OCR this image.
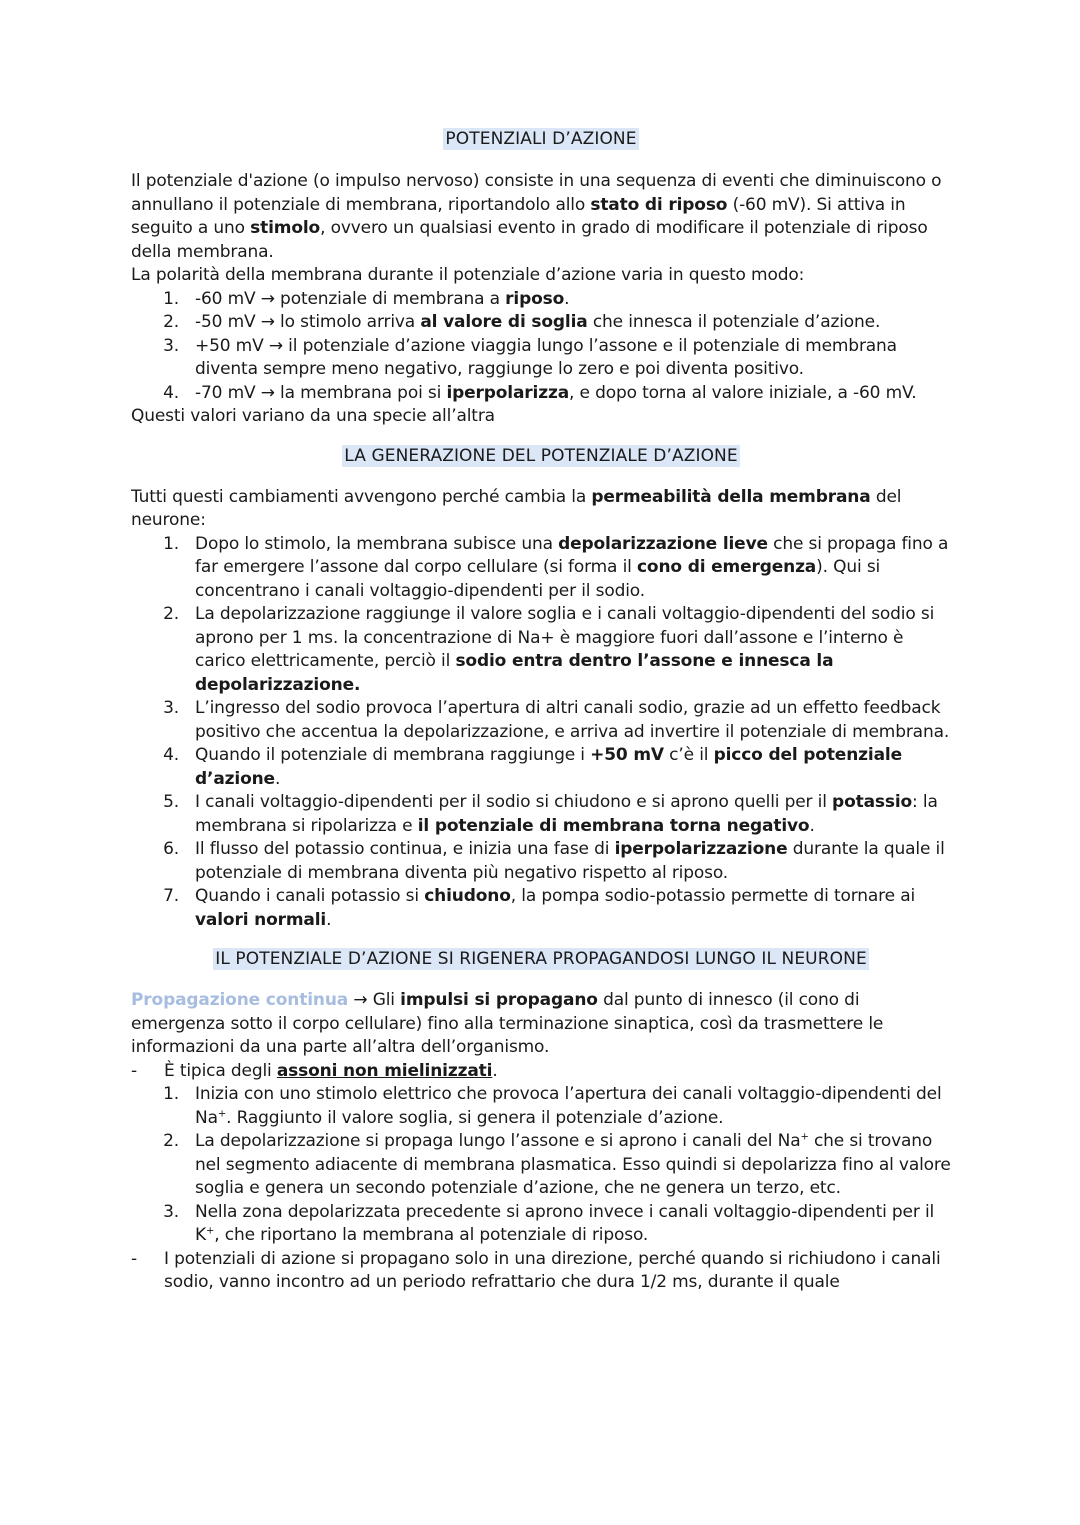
POTENZIALI D’AZIONE

Il potenziale d'azione (o impulso nervoso) consiste in una sequenza di eventi che diminuiscono o annullano il potenziale di membrana, riportandolo allo stato di riposo (-60 mV). Si attiva in seguito a uno stimolo, ovvero un qualsiasi evento in grado di modificare il potenziale di riposo della membrana.

La polarità della membrana durante il potenziale d’azione varia in questo modo:

1. -60 mV → potenziale di membrana a riposo.
2. -50 mV → lo stimolo arriva al valore di soglia che innesca il potenziale d’azione.
3. +50 mV → il potenziale d’azione viaggia lungo l’assone e il potenziale di membrana diventa sempre meno negativo, raggiunge lo zero e poi diventa positivo.
4. -70 mV → la membrana poi si iperpolarizza, e dopo torna al valore iniziale, a -60 mV.

Questi valori variano da una specie all’altra

LA GENERAZIONE DEL POTENZIALE D’AZIONE

Tutti questi cambiamenti avvengono perché cambia la permeabilità della membrana del neurone:

1. Dopo lo stimolo, la membrana subisce una depolarizzazione lieve che si propaga fino a far emergere l’assone dal corpo cellulare (si forma il cono di emergenza). Qui si concentrano i canali voltaggio-dipendenti per il sodio.
2. La depolarizzazione raggiunge il valore soglia e i canali voltaggio-dipendenti del sodio si aprono per 1 ms. la concentrazione di Na+ è maggiore fuori dall’assone e l’interno è carico elettricamente, perciò il sodio entra dentro l’assone e innesca la depolarizzazione.
3. L’ingresso del sodio provoca l’apertura di altri canali sodio, grazie ad un effetto feedback positivo che accentua la depolarizzazione, e arriva ad invertire il potenziale di membrana.
4. Quando il potenziale di membrana raggiunge i +50 mV c’è il picco del potenziale d’azione.
5. I canali voltaggio-dipendenti per il sodio si chiudono e si aprono quelli per il potassio: la membrana si ripolarizza e il potenziale di membrana torna negativo.
6. Il flusso del potassio continua, e inizia una fase di iperpolarizzazione durante la quale il potenziale di membrana diventa più negativo rispetto al riposo.
7. Quando i canali potassio si chiudono, la pompa sodio-potassio permette di tornare ai valori normali.
IL POTENZIALE D’AZIONE SI RIGENERA PROPAGANDOSI LUNGO IL NEURONE

Propagazione continua → Gli impulsi si propagano dal punto di innesco (il cono di emergenza sotto il corpo cellulare) fino alla terminazione sinaptica, così da trasmettere le informazioni da una parte all’altra dell’organismo.

- È tipica degli assoni non mielinizzati.
1. Inizia con uno stimolo elettrico che provoca l’apertura dei canali voltaggio-dipendenti del Na+. Raggiunto il valore soglia, si genera il potenziale d’azione.
2. La depolarizzazione si propaga lungo l’assone e si aprono i canali del Na+ che si trovano nel segmento adiacente di membrana plasmatica. Esso quindi si depolarizza fino al valore soglia e genera un secondo potenziale d’azione, che ne genera un terzo, etc.
3. Nella zona depolarizzata precedente si aprono invece i canali voltaggio-dipendenti per il K+, che riportano la membrana al potenziale di riposo.
- I potenziali di azione si propagano solo in una direzione, perché quando si richiudono i canali sodio, vanno incontro ad un periodo refrattario che dura 1/2 ms, durante il quale
